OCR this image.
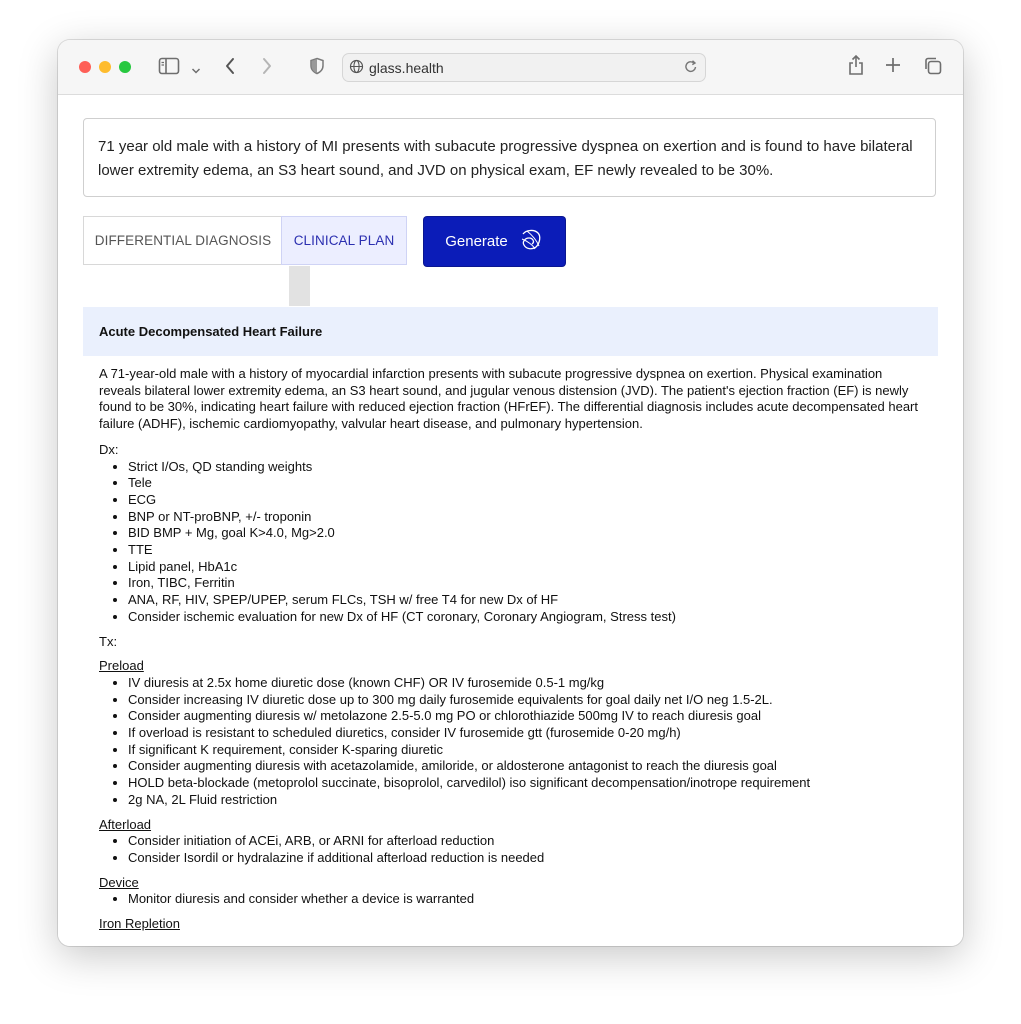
glass.health
71 year old male with a history of MI presents with subacute progressive dyspnea on exertion and is found to have bilateral lower extremity edema, an S3 heart sound, and JVD on physical exam, EF newly revealed to be 30%.
DIFFERENTIAL DIAGNOSIS	CLINICAL PLAN	Generate
Acute Decompensated Heart Failure

A 71-year-old male with a history of myocardial infarction presents with subacute progressive dyspnea on exertion. Physical examination reveals bilateral lower extremity edema, an S3 heart sound, and jugular venous distension (JVD). The patient's ejection fraction (EF) is newly found to be 30%, indicating heart failure with reduced ejection fraction (HFrEF). The differential diagnosis includes acute decompensated heart failure (ADHF), ischemic cardiomyopathy, valvular heart disease, and pulmonary hypertension.

Dx:

• Strict I/Os, QD standing weights
• Tele
• ECG
• BNP or NT-proBNP, +/- troponin
• BID BMP + Mg, goal K>4.0, Mg>2.0
• TTE
• Lipid panel, HbA1c
• Iron, TIBC, Ferritin
• ANA, RF, HIV, SPEP/UPEP, serum FLCs, TSH w/ free T4 for new Dx of HF
• Consider ischemic evaluation for new Dx of HF (CT coronary, Coronary Angiogram, Stress test)

Tx:

Preload

• IV diuresis at 2.5x home diuretic dose (known CHF) OR IV furosemide 0.5-1 mg/kg
• Consider increasing IV diuretic dose up to 300 mg daily furosemide equivalents for goal daily net I/O neg 1.5-2L.
• Consider augmenting diuresis w/ metolazone 2.5-5.0 mg PO or chlorothiazide 500mg IV to reach diuresis goal
• If overload is resistant to scheduled diuretics, consider IV furosemide gtt (furosemide 0-20 mg/h)
• If significant K requirement, consider K-sparing diuretic
• Consider augmenting diuresis with acetazolamide, amiloride, or aldosterone antagonist to reach the diuresis goal
• HOLD beta-blockade (metoprolol succinate, bisoprolol, carvedilol) iso significant decompensation/inotrope requirement
• 2g NA, 2L Fluid restriction

Afterload

• Consider initiation of ACEi, ARB, or ARNI for afterload reduction
• Consider Isordil or hydralazine if additional afterload reduction is needed

Device

• Monitor diuresis and consider whether a device is warranted

Iron Repletion
